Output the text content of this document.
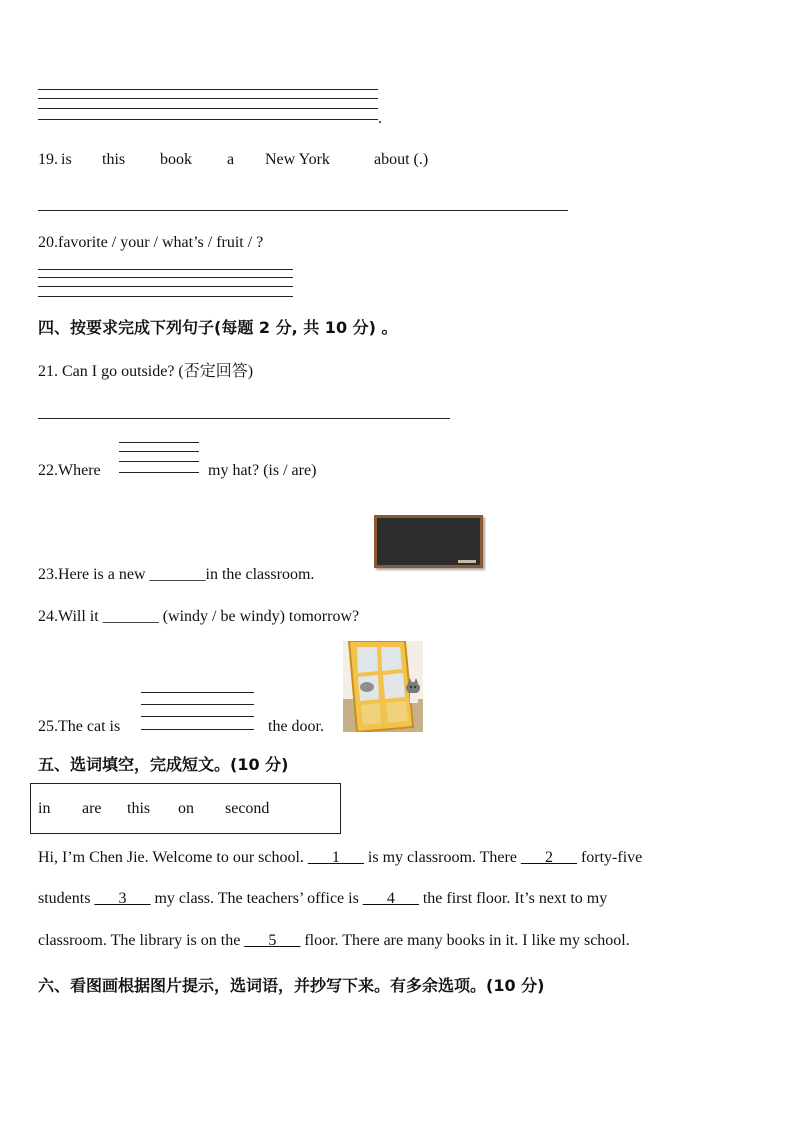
.
19. is this book a New York	about (.)
20.favorite / your / what’s / fruit / ?
四、按要求完成下列句子(每题 2 分, 共 10 分) 。
21. Can I go outside? (否定回答)
22.Where	my hat? (is / are)
23.Here is a new _______in the classroom.
24.Will it _______ (windy / be windy) tomorrow?
25.The cat is	the door.
五、选词填空，完成短文。(10 分)
in are this on second
Hi, I’m Chen Jie. Welcome to our school. ___1___ is my classroom. There ___2___ forty-five
students ___3___ my class. The teachers’ office is ___4___ the first floor. It’s next to my
classroom. The library is on the ___5___ floor. There are many books in it. I like my school.
六、看图画根据图片提示，选词语，并抄写下来。有多余选项。(10 分)
